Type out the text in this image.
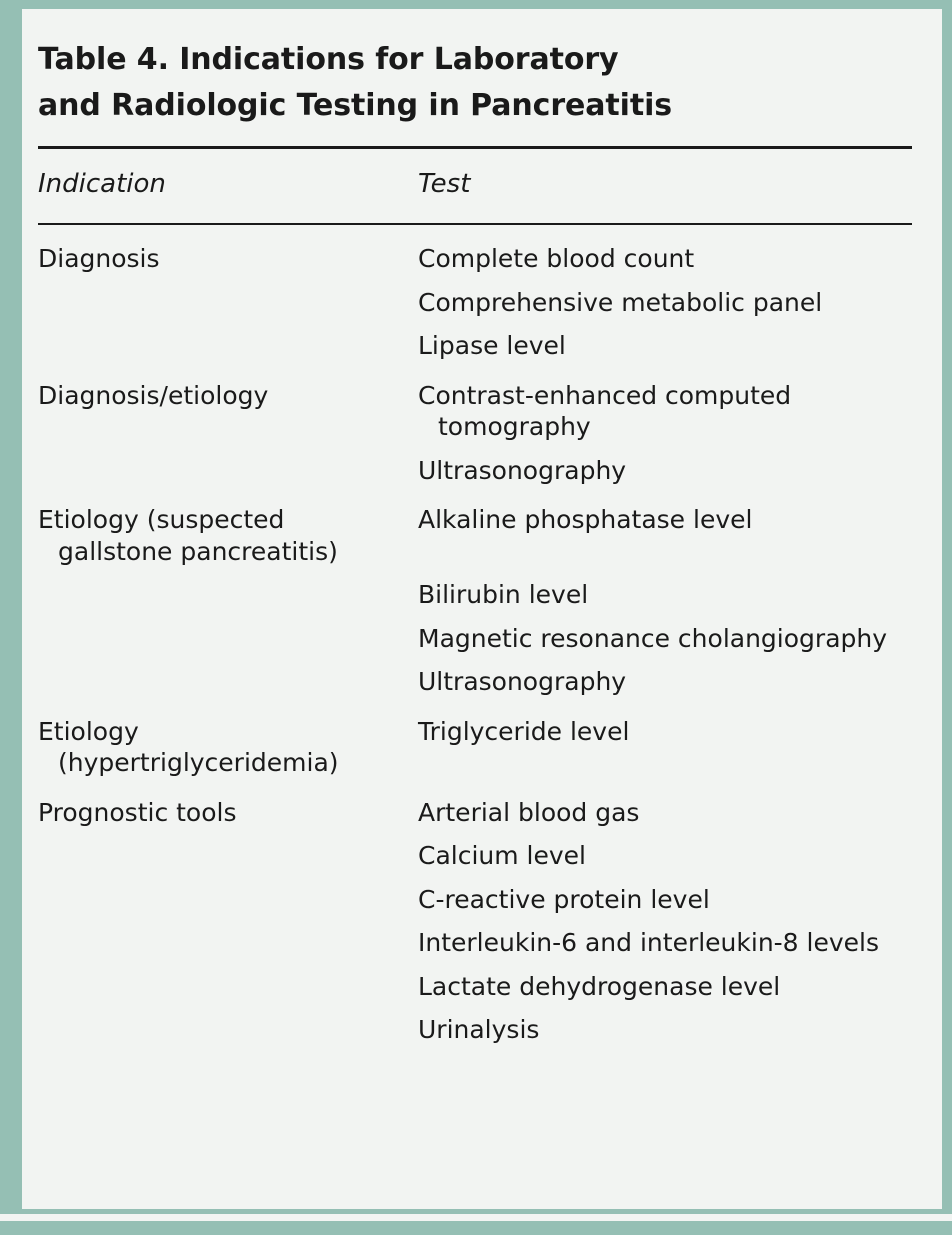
Table 4. Indications for Laboratory
and Radiologic Testing in Pancreatitis
Indication	Test
Diagnosis	Complete blood count
	Comprehensive metabolic panel
	Lipase level
Diagnosis/etiology	Contrast-enhanced computed tomography
	Ultrasonography
Etiology (suspected gallstone pancreatitis)	Alkaline phosphatase level
	Bilirubin level
	Magnetic resonance cholangiography
	Ultrasonography
Etiology (hypertriglyceridemia)	Triglyceride level
Prognostic tools	Arterial blood gas
	Calcium level
	C-reactive protein level
	Interleukin-6 and interleukin-8 levels
	Lactate dehydrogenase level
	Urinalysis
